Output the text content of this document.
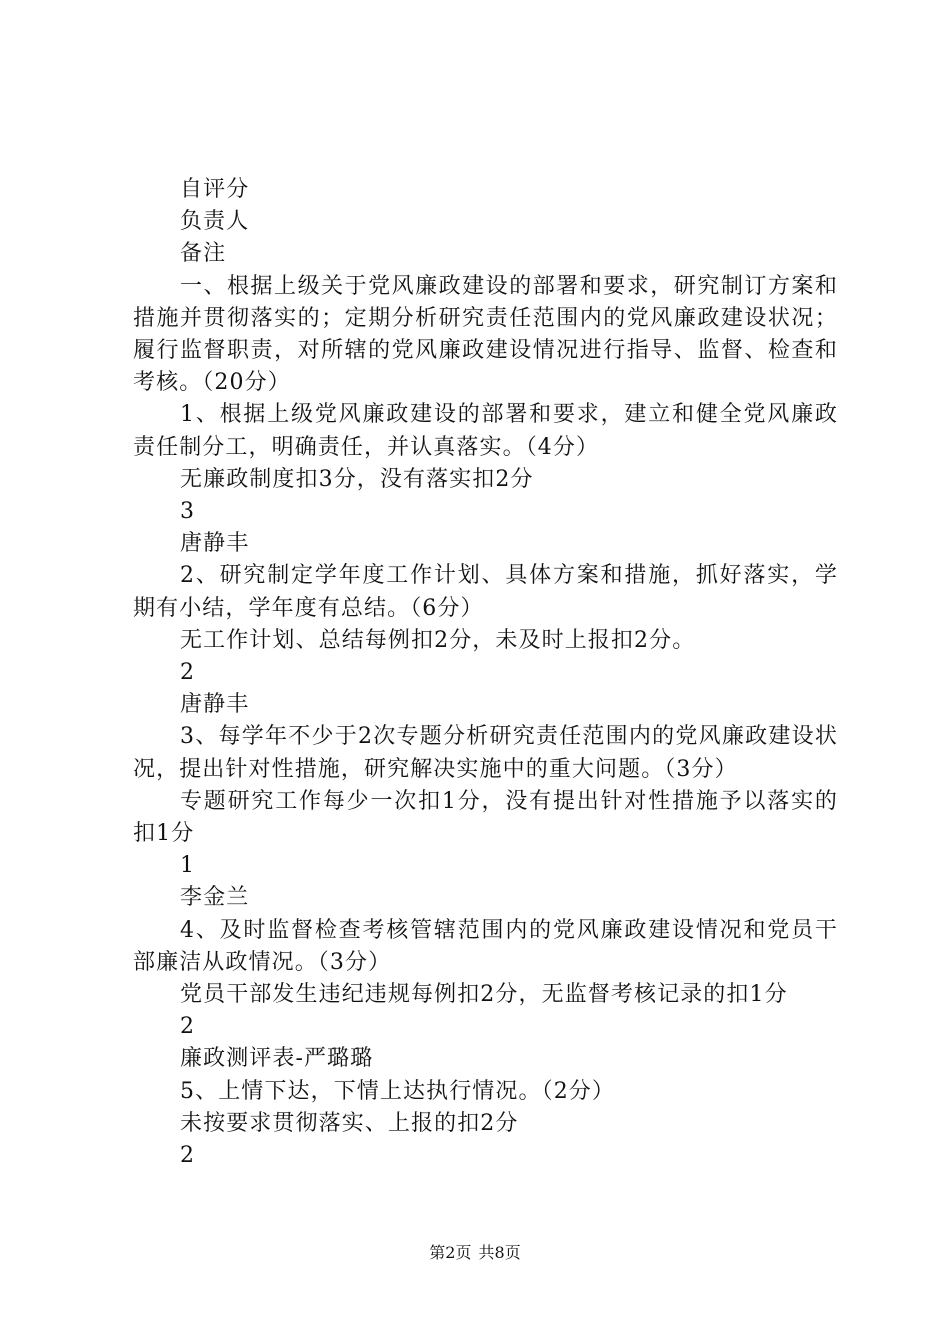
自评分

负责人

备注

一、根据上级关于党风廉政建设的部署和要求，研究制订方案和措施并贯彻落实的；定期分析研究责任范围内的党风廉政建设状况；履行监督职责，对所辖的党风廉政建设情况进行指导、监督、检查和考核。（20分）

1、根据上级党风廉政建设的部署和要求，建立和健全党风廉政责任制分工，明确责任，并认真落实。（4分）

无廉政制度扣3分，没有落实扣2分

3

唐静丰

2、研究制定学年度工作计划、具体方案和措施，抓好落实，学期有小结，学年度有总结。（6分）

无工作计划、总结每例扣2分，未及时上报扣2分。

2

唐静丰

3、每学年不少于2次专题分析研究责任范围内的党风廉政建设状况，提出针对性措施，研究解决实施中的重大问题。（3分）

专题研究工作每少一次扣1分，没有提出针对性措施予以落实的扣1分

1

李金兰

4、及时监督检查考核管辖范围内的党风廉政建设情况和党员干部廉洁从政情况。（3分）

党员干部发生违纪违规每例扣2分，无监督考核记录的扣1分

2

廉政测评表-严璐璐

5、上情下达，下情上达执行情况。（2分）

未按要求贯彻落实、上报的扣2分

2

第2页 共8页
